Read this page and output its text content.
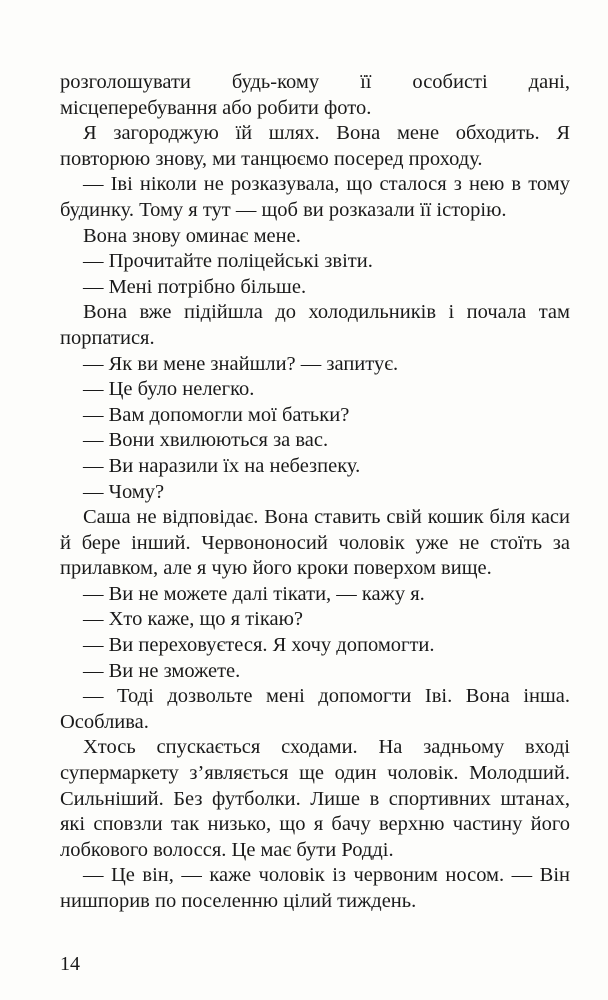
розголошувати будь-кому її особисті дані, місцеперебування або робити фото.

Я загороджую їй шлях. Вона мене обходить. Я повторюю знову, ми танцюємо посеред проходу.

— Іві ніколи не розказувала, що сталося з нею в тому будинку. Тому я тут — щоб ви розказали її історію.

Вона знову оминає мене.

— Прочитайте поліцейські звіти.

— Мені потрібно більше.

Вона вже підійшла до холодильників і почала там порпатися.

— Як ви мене знайшли? — запитує.

— Це було нелегко.

— Вам допомогли мої батьки?

— Вони хвилюються за вас.

— Ви наразили їх на небезпеку.

— Чому?

Саша не відповідає. Вона ставить свій кошик біля каси й бере інший. Червононосий чоловік уже не стоїть за прилавком, але я чую його кроки поверхом вище.

— Ви не можете далі тікати, — кажу я.

— Хто каже, що я тікаю?

— Ви переховуєтеся. Я хочу допомогти.

— Ви не зможете.

— Тоді дозвольте мені допомогти Іві. Вона інша. Особлива.

Хтось спускається сходами. На задньому вході супермаркету з’являється ще один чоловік. Молодший. Сильніший. Без футболки. Лише в спортивних штанах, які сповзли так низько, що я бачу верхню частину його лобкового волосся. Це має бути Родді.

— Це він, — каже чоловік із червоним носом. — Він нишпорив по поселенню цілий тиждень.

14
